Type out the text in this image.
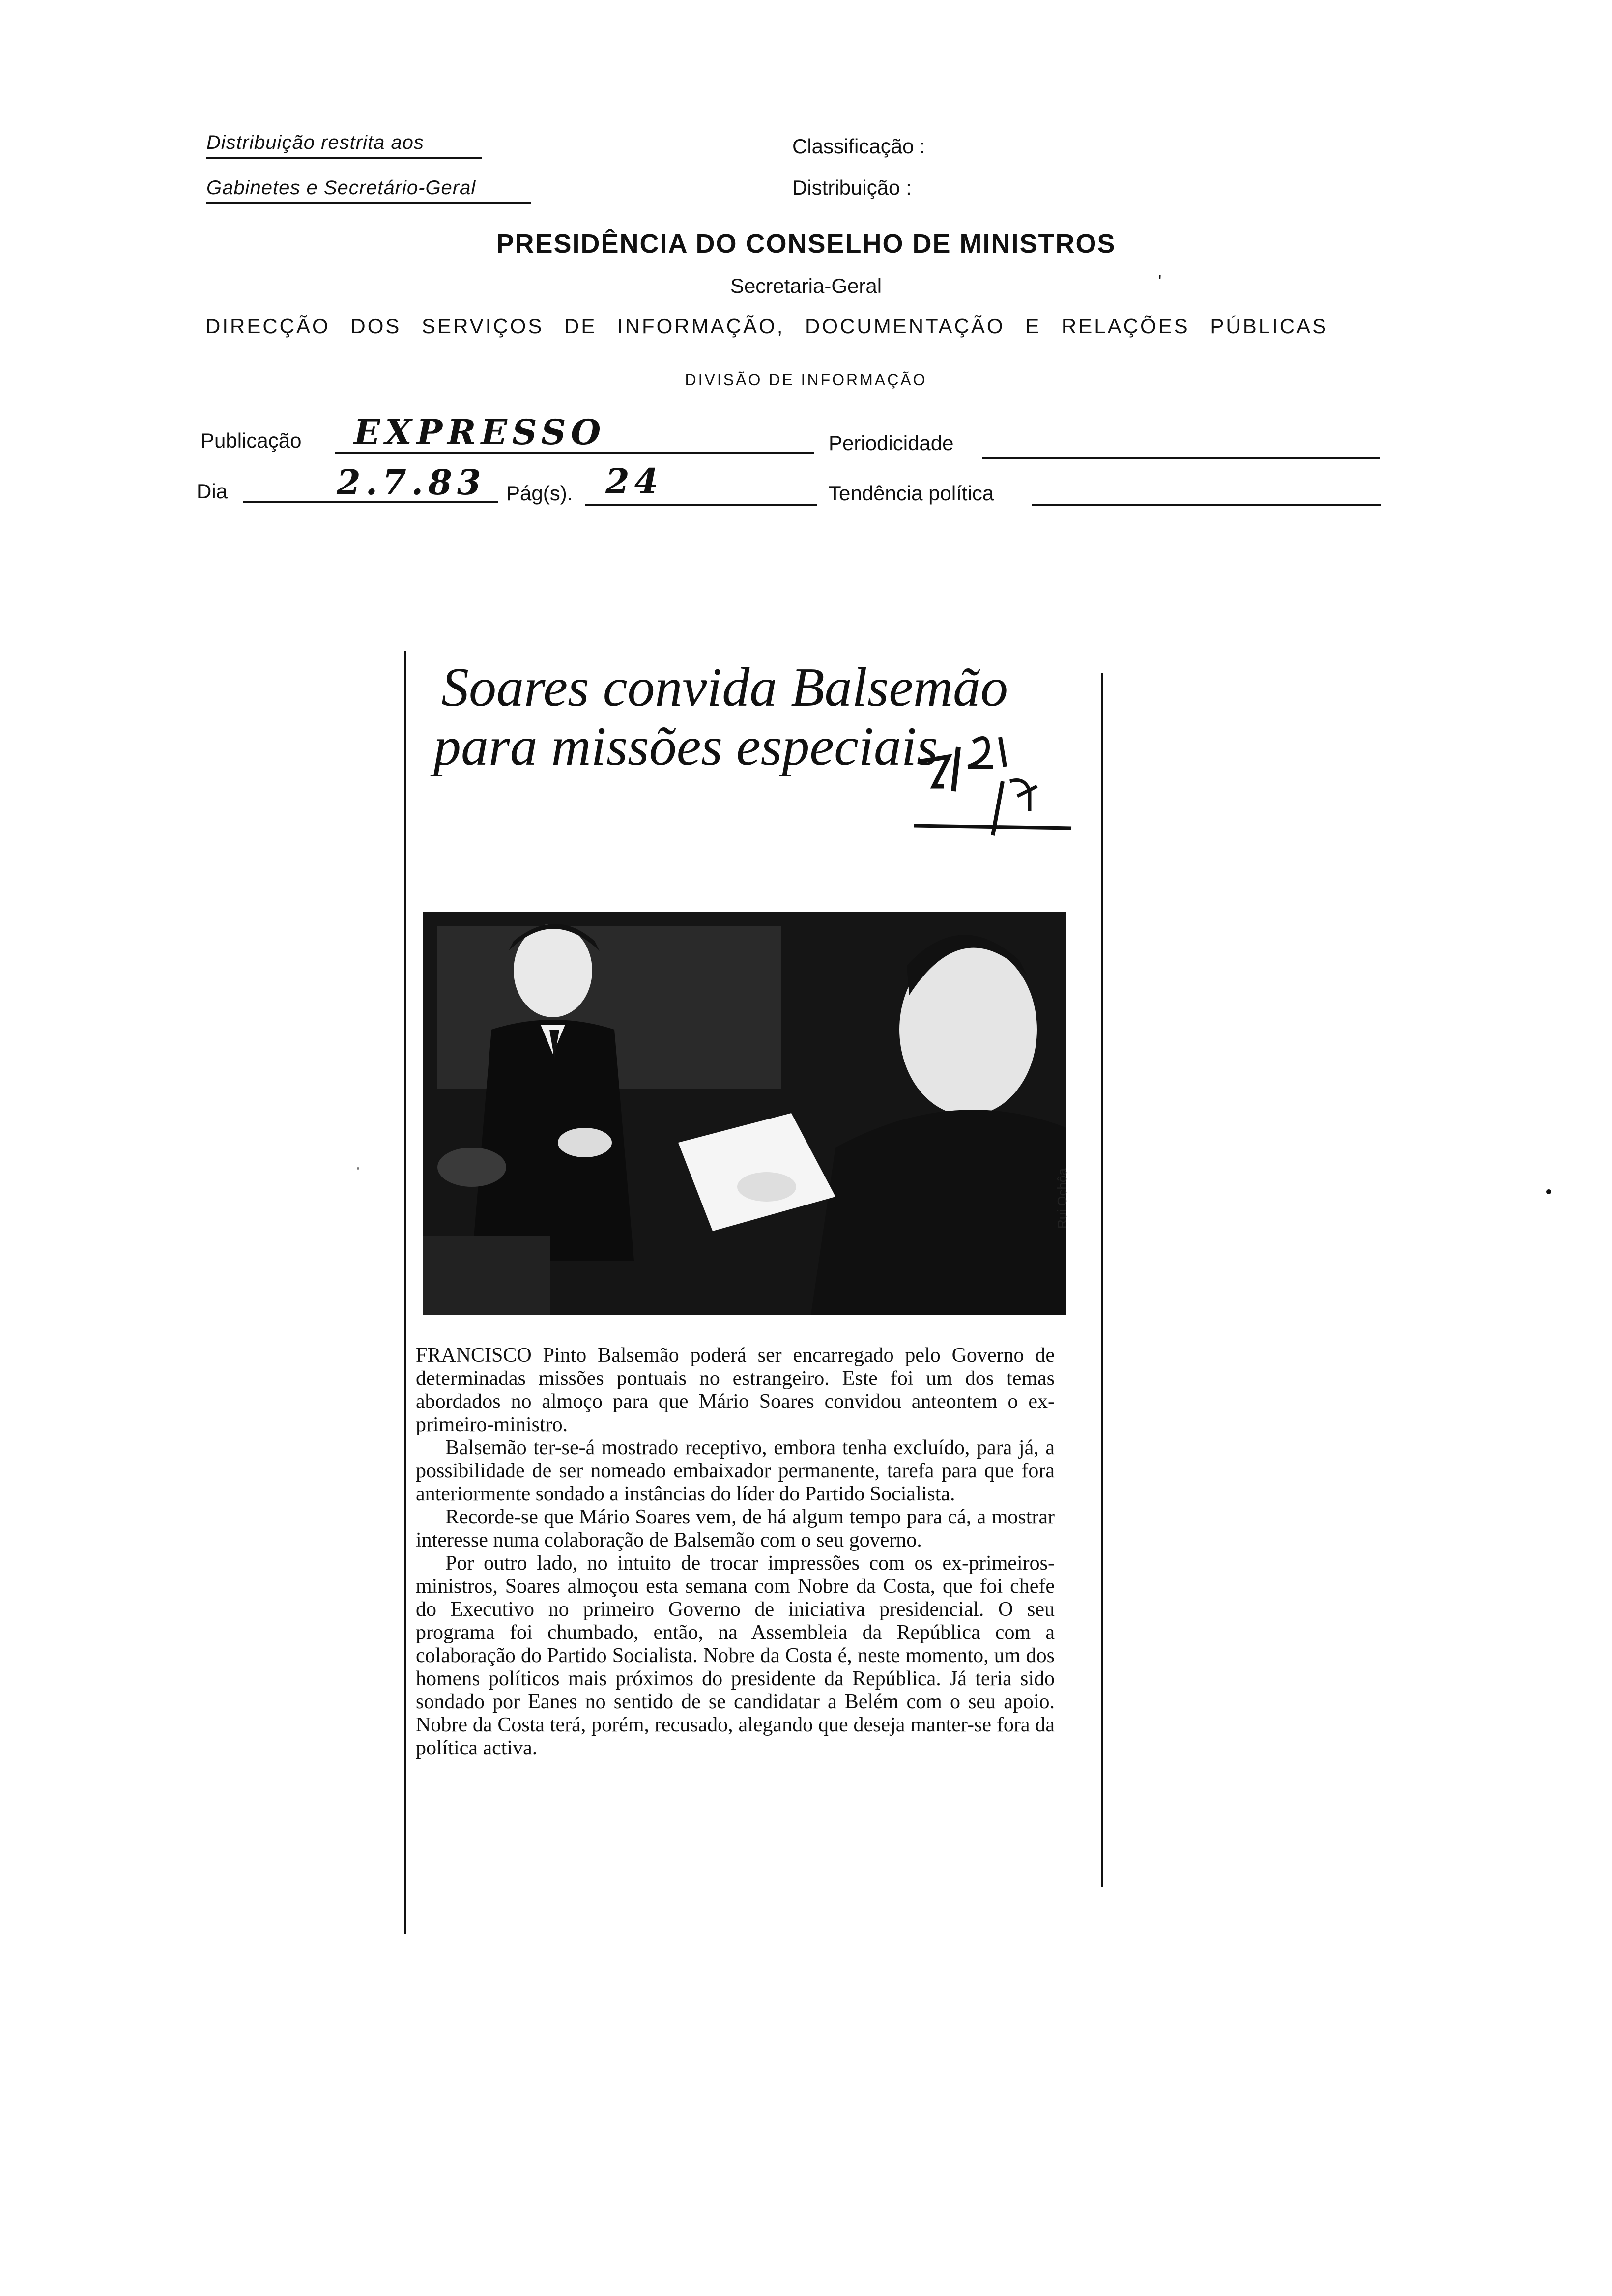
Distribuição restrita aos
Gabinetes e Secretário-Geral
Classificação :
Distribuição :
PRESIDÊNCIA DO CONSELHO DE MINISTROS
Secretaria-Geral	'
DIRECÇÃO DOS SERVIÇOS DE INFORMAÇÃO, DOCUMENTAÇÃO E RELAÇÕES PÚBLICAS
DIVISÃO DE INFORMAÇÃO
Publicação EXPRESSO	Periodicidade
Dia	2.7.83 Pág(s). 24	Tendência política
Soares convida Balsemão
para missões especiais
Rui Ochôa

FRANCISCO Pinto Balsemão poderá ser encarregado pelo Governo de determinadas missões pontuais no estrangeiro. Este foi um dos temas abordados no almoço para que Mário Soares convidou anteontem o ex-primeiro-ministro.

Balsemão ter-se-á mostrado receptivo, embora tenha excluído, para já, a possibilidade de ser nomeado embaixador permanente, tarefa para que fora anteriormente sondado a instâncias do líder do Partido Socialista.

Recorde-se que Mário Soares vem, de há algum tempo para cá, a mostrar interesse numa colaboração de Balsemão com o seu governo.

Por outro lado, no intuito de trocar impressões com os ex-primeiros-ministros, Soares almoçou esta semana com Nobre da Costa, que foi chefe do Executivo no primeiro Governo de iniciativa presidencial. O seu programa foi chumbado, então, na Assembleia da República com a colaboração do Partido Socialista. Nobre da Costa é, neste momento, um dos homens políticos mais próximos do presidente da República. Já teria sido sondado por Eanes no sentido de se candidatar a Belém com o seu apoio. Nobre da Costa terá, porém, recusado, alegando que deseja manter-se fora da política activa.
